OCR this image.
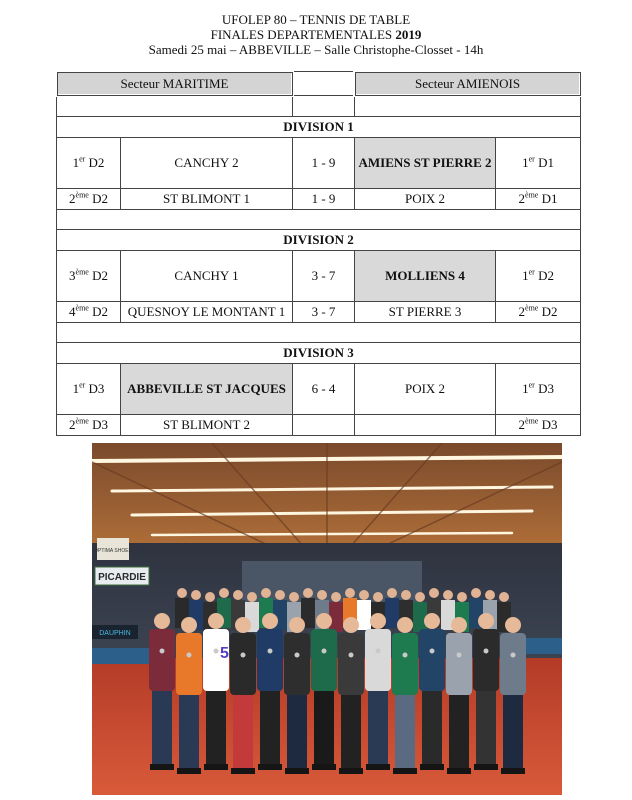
UFOLEP 80 – TENNIS DE TABLE
FINALES DEPARTEMENTALES 2019
Samedi 25 mai – ABBEVILLE – Salle Christophe-Closset - 14h
Secteur MARITIME			Secteur AMIENOIS	

DIVISION 1				
1er D2	CANCHY 2	1 - 9	AMIENS ST PIERRE 2	1er D1
2ème D2	ST BLIMONT 1	1 - 9	POIX 2	2ème D1

DIVISION 2				
3ème D2	CANCHY 1	3 - 7	MOLLIENS 4	1er D2
4ème D2	QUESNOY LE MONTANT 1	3 - 7	ST PIERRE 3	2ème D2

DIVISION 3				
1er D3	ABBEVILLE ST JACQUES	6 - 4	POIX 2	1er D3
2ème D3	ST BLIMONT 2			2ème D3
OPTIMA SHOES
PICARDIE
DAUPHIN
5
